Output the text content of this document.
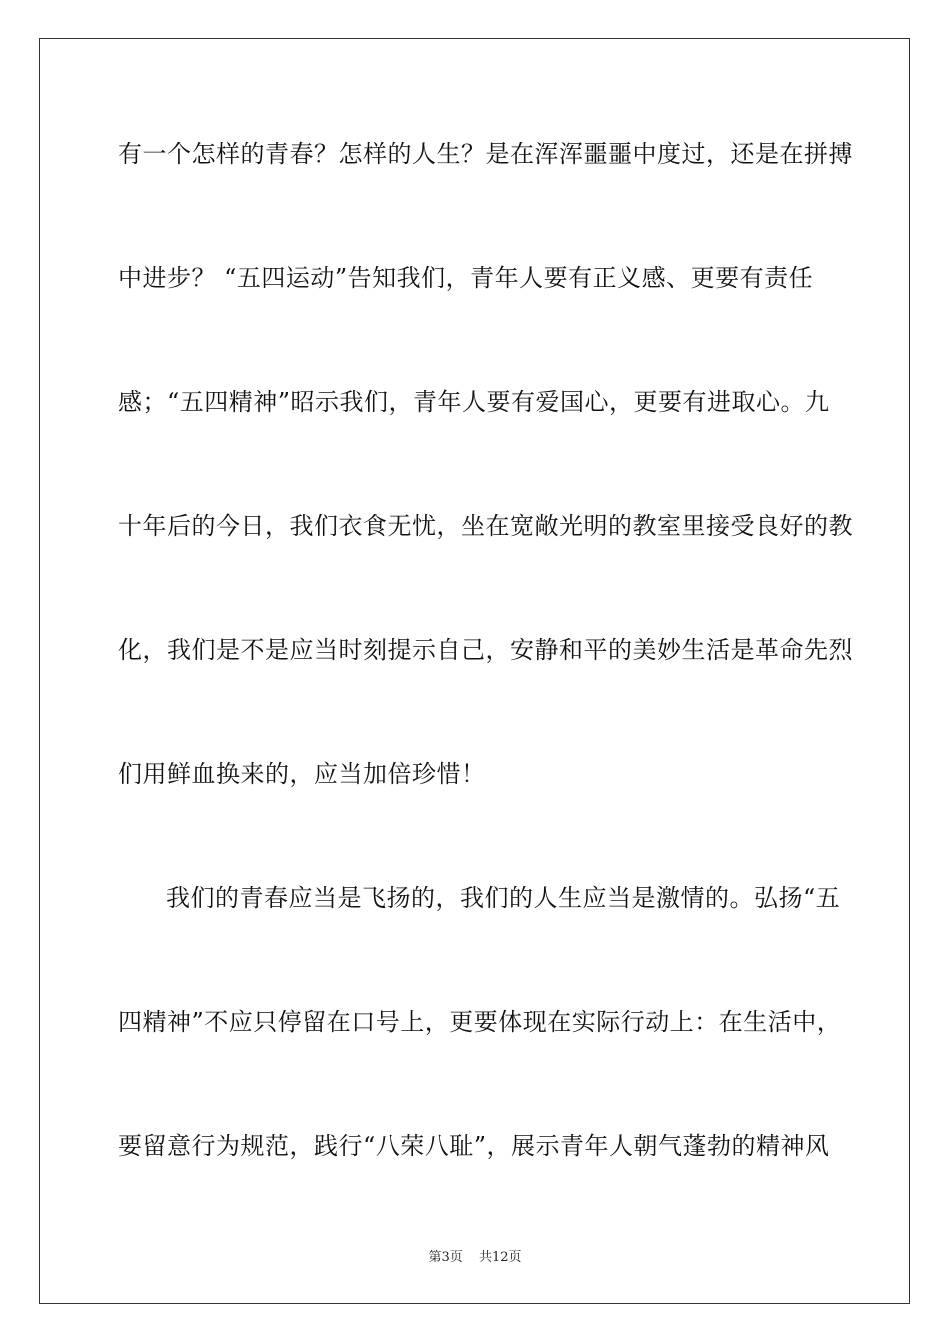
有一个怎样的青春？怎样的人生？是在浑浑噩噩中度过，还是在拼搏
中进步？ “五四运动”告知我们，青年人要有正义感、更要有责任
感；“五四精神”昭示我们，青年人要有爱国心，更要有进取心。九
十年后的今日，我们衣食无忧，坐在宽敞光明的教室里接受良好的教
化，我们是不是应当时刻提示自己，安静和平的美妙生活是革命先烈
们用鲜血换来的，应当加倍珍惜！
我们的青春应当是飞扬的，我们的人生应当是激情的。弘扬“五
四精神”不应只停留在口号上，更要体现在实际行动上：在生活中，
要留意行为规范，践行“八荣八耻”，展示青年人朝气蓬勃的精神风
第3页 共12页
